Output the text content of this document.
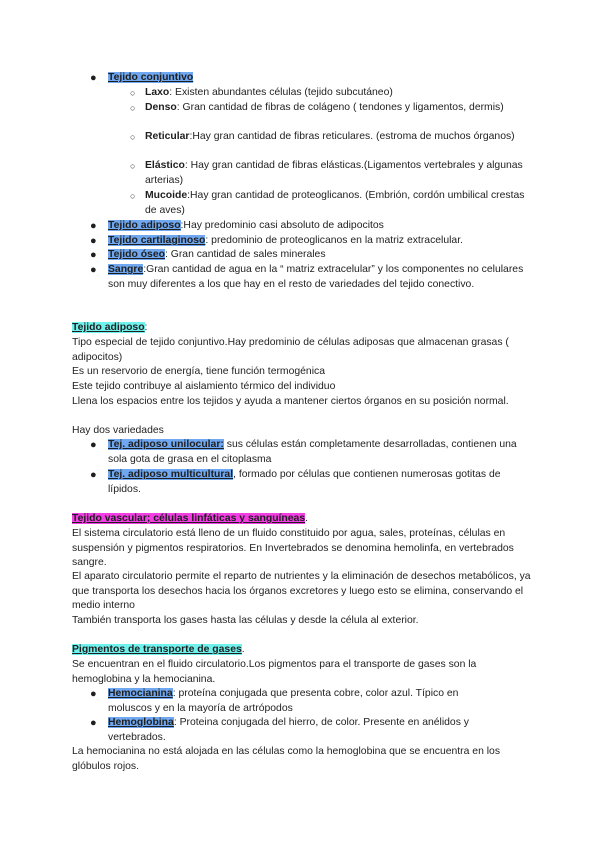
● Tejido conjuntivo

○ Laxo: Existen abundantes células (tejido subcutáneo)

○ Denso: Gran cantidad de fibras de colágeno ( tendones y ligamentos, dermis)

○ Reticular:Hay gran cantidad de fibras reticulares. (estroma de muchos órganos)

○ Elástico: Hay gran cantidad de fibras elásticas.(Ligamentos vertebrales y algunas arterias)

○ Mucoide:Hay gran cantidad de proteoglicanos. (Embrión, cordón umbilical crestas de aves)

● Tejido adiposo:Hay predominio casi absoluto de adipocitos

● Tejido cartilaginoso: predominio de proteoglicanos en la matriz extracelular.

● Tejido óseo: Gran cantidad de sales minerales

● Sangre:Gran cantidad de agua en la “ matriz extracelular” y los componentes no celulares son muy diferentes a los que hay en el resto de variedades del tejido conectivo.

Tejido adiposo:

Tipo especial de tejido conjuntivo.Hay predominio de células adiposas que almacenan grasas ( adipocitos)

Es un reservorio de energía, tiene función termogénica

Este tejido contribuye al aislamiento térmico del individuo

Llena los espacios entre los tejidos y ayuda a mantener ciertos órganos en su posición normal.

Hay dos variedades

● Tej. adiposo unilocular: sus células están completamente desarrolladas, contienen una sola gota de grasa en el citoplasma

● Tej. adiposo multicultural, formado por células que contienen numerosas gotitas de lípidos.

Tejido vascular; células linfáticas y sanguíneas.

El sistema circulatorio está lleno de un fluido constituido por agua, sales, proteínas, células en suspensión y pigmentos respiratorios. En Invertebrados se denomina hemolinfa, en vertebrados sangre.

El aparato circulatorio permite el reparto de nutrientes y la eliminación de desechos metabólicos, ya que transporta los desechos hacia los órganos excretores y luego esto se elimina, conservando el medio interno

También transporta los gases hasta las células y desde la célula al exterior.

Pigmentos de transporte de gases.

Se encuentran en el fluido circulatorio.Los pigmentos para el transporte de gases son la hemoglobina y la hemocianina.

● Hemocianina: proteína conjugada que presenta cobre, color azul. Típico en moluscos y en la mayoría de artrópodos

● Hemoglobina: Proteina conjugada del hierro, de color. Presente en anélidos y vertebrados.

La hemocianina no está alojada en las células como la hemoglobina que se encuentra en los glóbulos rojos.
